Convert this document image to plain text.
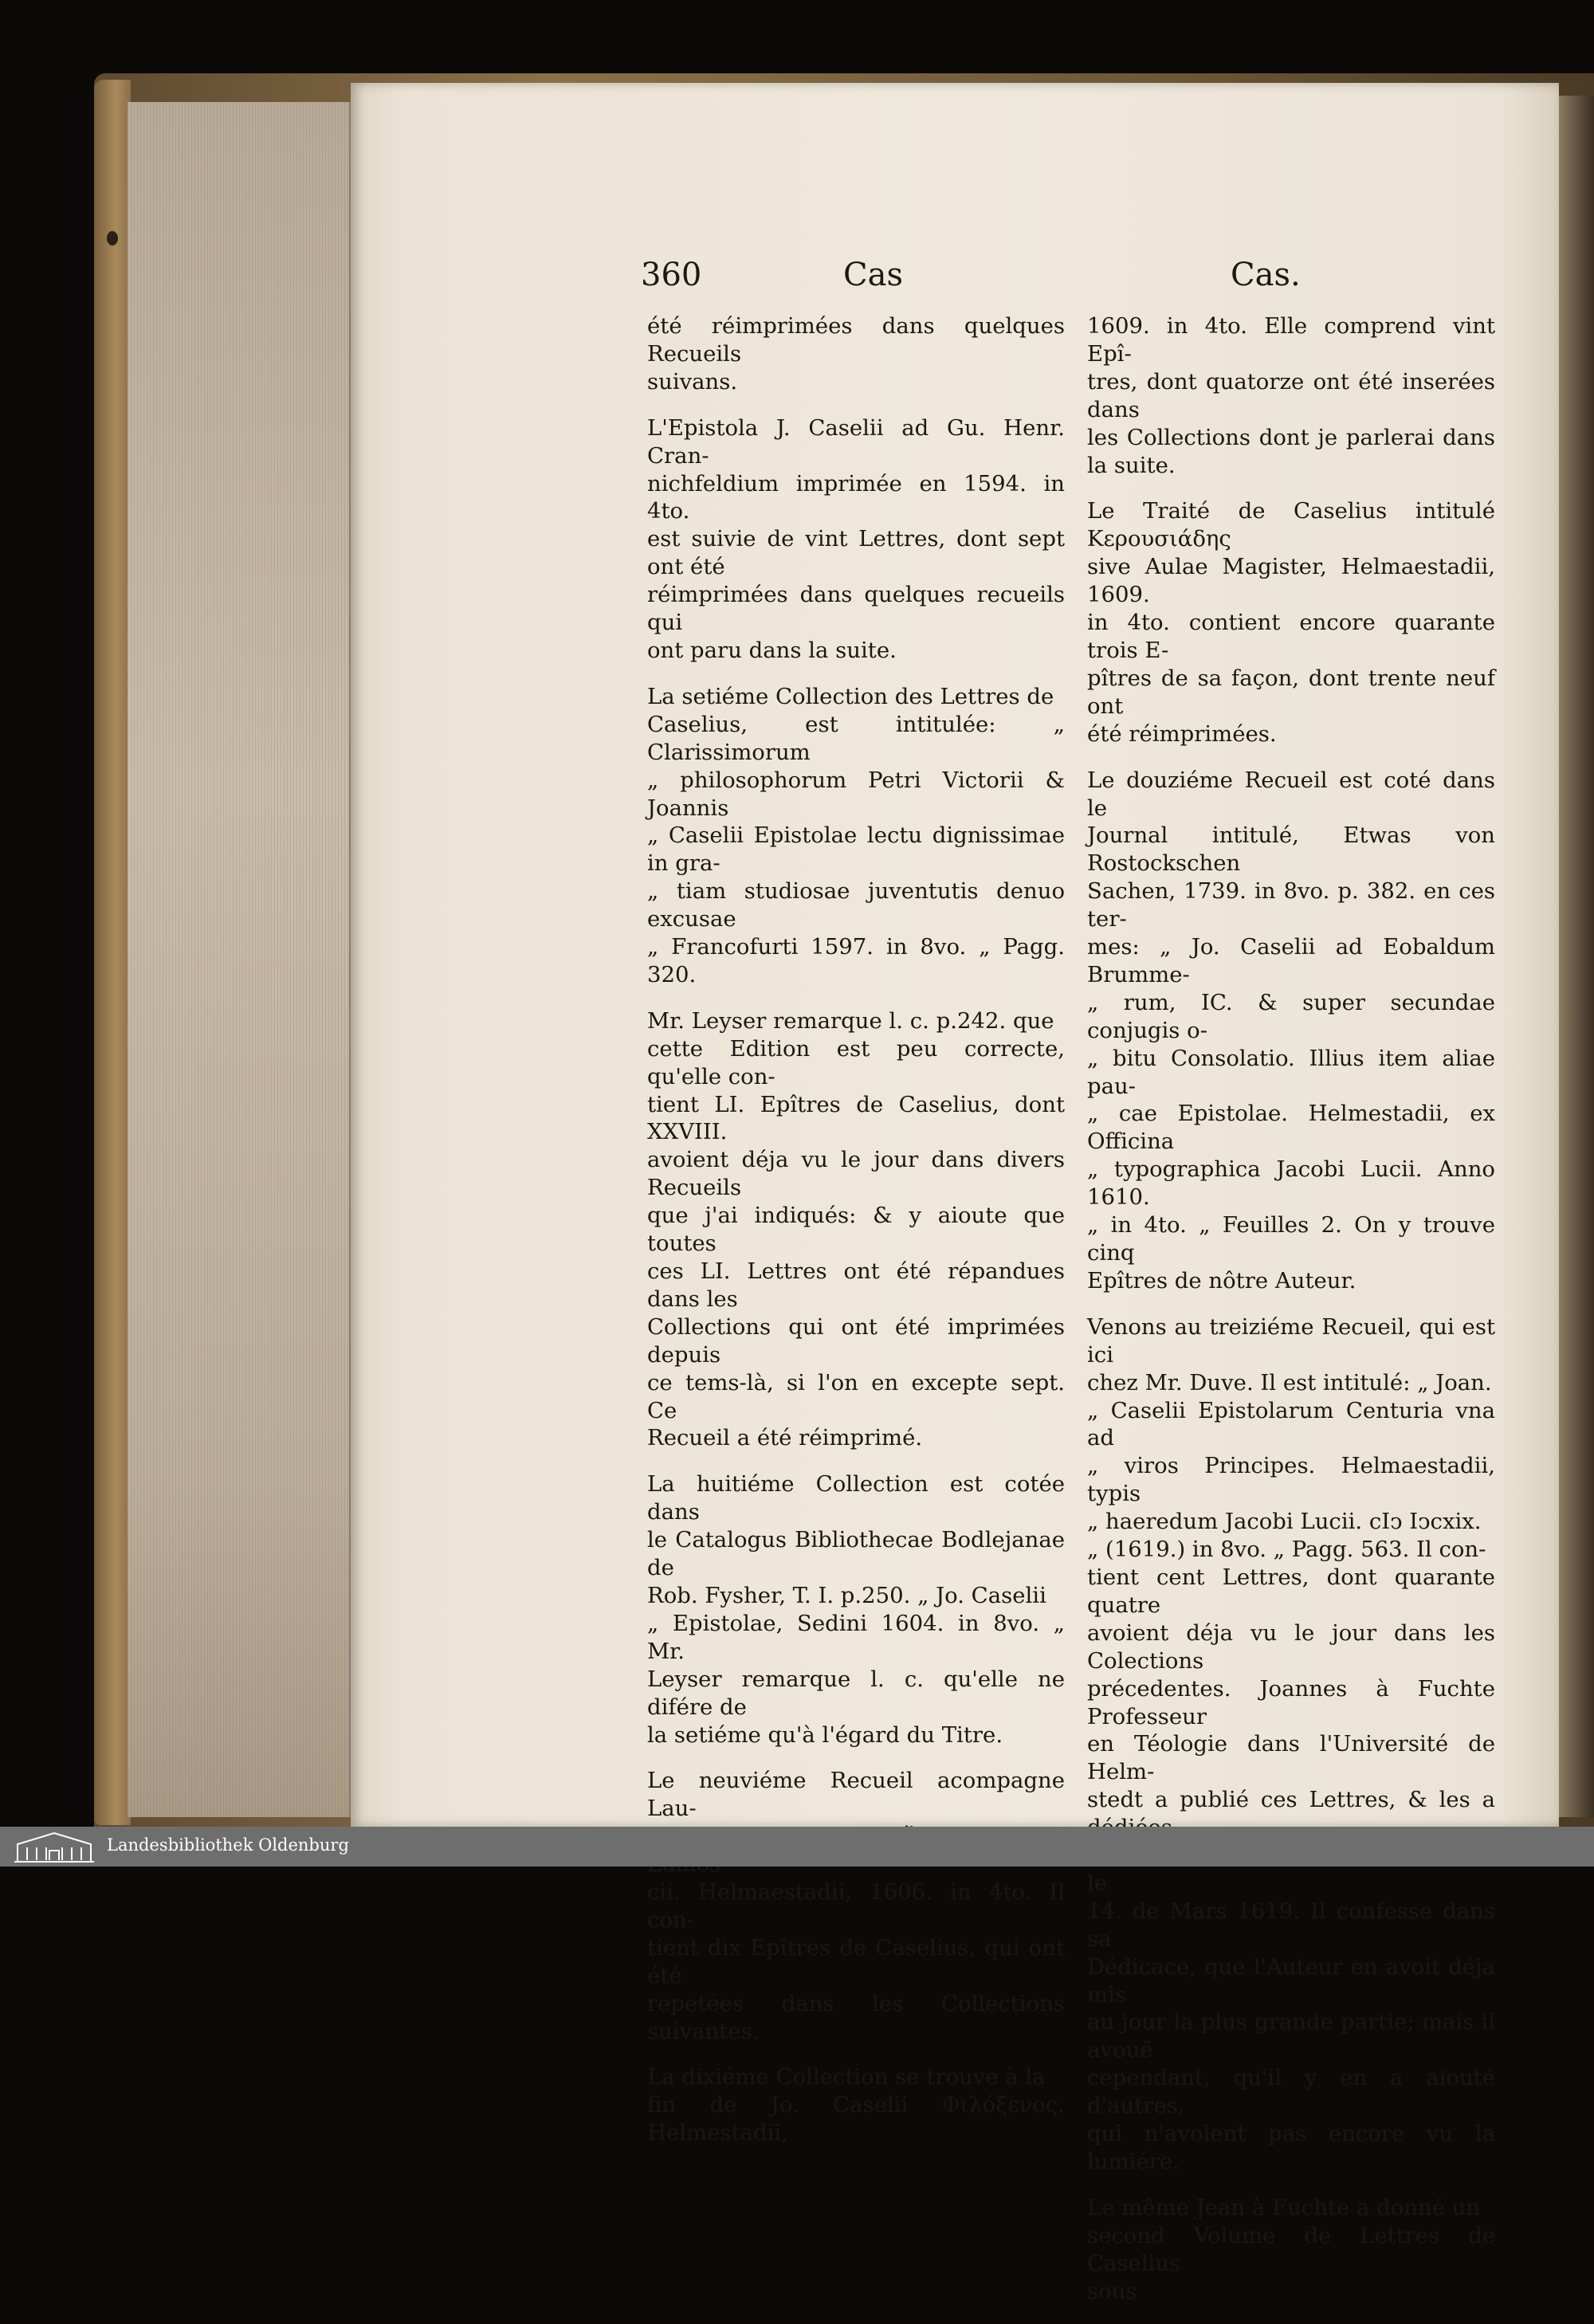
360	Cas	Cas.

été réimprimées dans quelques Recueils
suivans.

L'Epistola J. Caselii ad Gu. Henr. Cran-
nichfeldium imprimée en 1594. in 4to.
est suivie de vint Lettres, dont sept ont été
réimprimées dans quelques recueils qui
ont paru dans la suite.

La setiéme Collection des Lettres de
Caselius, est intitulée: „ Clarissimorum
„ philosophorum Petri Victorii & Joannis
„ Caselii Epistolae lectu dignissimae in gra-
„ tiam studiosae juventutis denuo excusae
„ Francofurti 1597. in 8vo. „ Pagg. 320.

Mr. Leyser remarque l. c. p.242. que
cette Edition est peu correcte, qu'elle con-
tient LI. Epîtres de Caselius, dont XXVIII.
avoient déja vu le jour dans divers Recueils
que j'ai indiqués: & y aioute que toutes
ces LI. Lettres ont été répandues dans les
Collections qui ont été imprimées depuis
ce tems-là, si l'on en excepte sept. Ce
Recueil a été réimprimé.

La huitiéme Collection est cotée dans
le Catalogus Bibliothecae Bodlejanae de
Rob. Fysher, T. I. p.250. „ Jo. Caselii
„ Epistolae, Sedini 1604. in 8vo. „ Mr.
Leyser remarque l. c. qu'elle ne difére de
la setiéme qu'à l'égard du Titre.

Le neuviéme Recueil acompagne Lau-

cii. Helmaestadii, 1606. in 4to. Il con-
tient dix Epîtres de Caselius, qui ont été
repetées dans les Collections suivantes.

La dixiéme Collection se trouve à la
fin de Jo. Caselii Φιλόξενος. Helmestadii,

1609. in 4to. Elle comprend vint Epî-
tres, dont quatorze ont été inserées dans
les Collections dont je parlerai dans la suite.

Le Traité de Caselius intitulé Κερουσιάδης
sive Aulae Magister, Helmaestadii, 1609.
in 4to. contient encore quarante trois E-
pîtres de sa façon, dont trente neuf ont
été réimprimées.

Le douziéme Recueil est coté dans le
Journal intitulé, Etwas von Rostockschen
Sachen, 1739. in 8vo. p. 382. en ces ter-
mes: „ Jo. Caselii ad Eobaldum Brumme-
„ rum, IC. & super secundae conjugis o-
„ bitu Consolatio. Illius item aliae pau-
„ cae Epistolae. Helmestadii, ex Officina
„ typographica Jacobi Lucii. Anno 1610.
„ in 4to. „ Feuilles 2. On y trouve cinq
Epîtres de nôtre Auteur.

Venons au treiziéme Recueil, qui est ici
chez Mr. Duve. Il est intitulé: „ Joan.
„ Caselii Epistolarum Centuria vna ad
„ viros Principes. Helmaestadii, typis
„ haeredum Jacobi Lucii. cIↄ Iↄcxix.
„ (1619.) in 8vo. „ Pagg. 563. Il con-
tient cent Lettres, dont quarante quatre
avoient déja vu le jour dans les Colections
précedentes. Joannes à Fuchte Professeur
en Téologie dans l'Université de Helm-
stedt a publié ces Lettres, & les a
le
14. de Mars 1619. Il confesse dans sa
Dédicace, que l'Auteur en avoit déja mis
au jour la plus grande partie; mais il avouë
cependant, qu'il y en a aiouté d'autres,
qui n'avoient pas encore vu la lumiére.

Le même Jean à Fuchte a donné un
second Volume de Lettres de Caselius
sous

Landesbibliothek Oldenburg
